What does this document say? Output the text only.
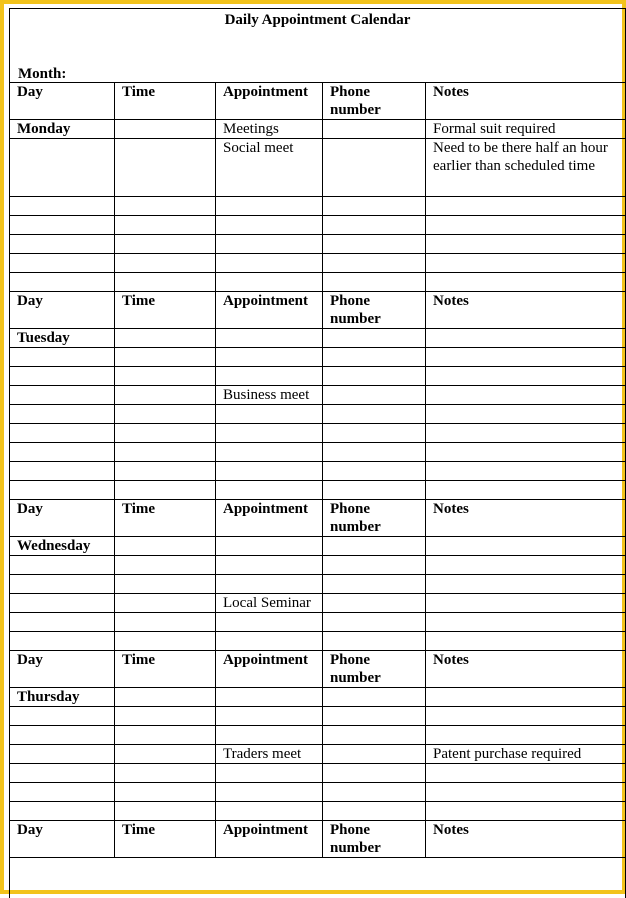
Daily Appointment Calendar
Month:
Day	Time	Appointment	Phone number	Notes
Monday		Meetings		Formal suit required
		Social meet		Need to be there half an hour earlier than scheduled time

Day	Time	Appointment	Phone number	Notes
Tuesday				

		Business meet		

Day	Time	Appointment	Phone number	Notes
Wednesday				

		Local Seminar		

Day	Time	Appointment	Phone number	Notes
Thursday				

		Traders meet		Patent purchase required

Day	Time	Appointment	Phone number	Notes
